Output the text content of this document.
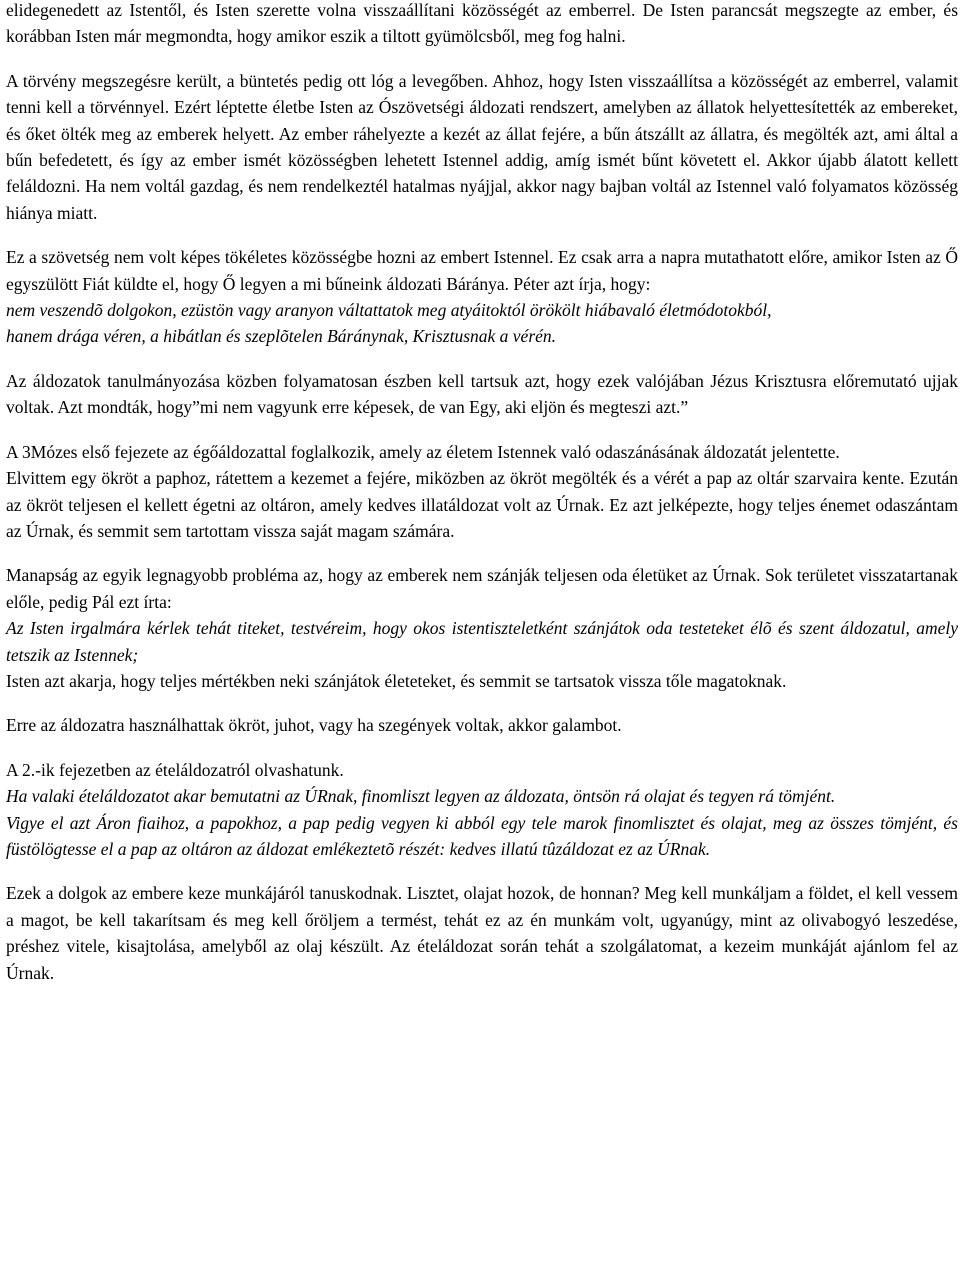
elidegenedett az Istentől, és Isten szerette volna visszaállítani közösségét az emberrel. De Isten parancsát megszegte az ember, és korábban Isten már megmondta, hogy amikor eszik a tiltott gyümölcsből, meg fog halni.

A törvény megszegésre került, a büntetés pedig ott lóg a levegőben. Ahhoz, hogy Isten visszaállítsa a közösségét az emberrel, valamit tenni kell a törvénnyel. Ezért léptette életbe Isten az Ószövetségi áldozati rendszert, amelyben az állatok helyettesítették az embereket, és őket ölték meg az emberek helyett. Az ember ráhelyezte a kezét az állat fejére, a bűn átszállt az állatra, és megölték azt, ami által a bűn befedetett, és így az ember ismét közösségben lehetett Istennel addig, amíg ismét bűnt követett el. Akkor újabb álatott kellett feláldozni. Ha nem voltál gazdag, és nem rendelkeztél hatalmas nyájjal, akkor nagy bajban voltál az Istennel való folyamatos közösség hiánya miatt.

Ez a szövetség nem volt képes tökéletes közösségbe hozni az embert Istennel. Ez csak arra a napra mutathatott előre, amikor Isten az Ő egyszülött Fiát küldte el, hogy Ő legyen a mi bűneink áldozati Báránya. Péter azt írja, hogy:

nem veszendõ dolgokon, ezüstön vagy aranyon váltattatok meg atyáitoktól örökölt hiábavaló életmódotokból,

hanem drága véren, a hibátlan és szeplõtelen Báránynak, Krisztusnak a vérén.

Az áldozatok tanulmányozása közben folyamatosan észben kell tartsuk azt, hogy ezek valójában Jézus Krisztusra előremutató ujjak voltak. Azt mondták, hogy”mi nem vagyunk erre képesek, de van Egy, aki eljön és megteszi azt.”

A 3Mózes első fejezete az égőáldozattal foglalkozik, amely az életem Istennek való odaszánásának áldozatát jelentette.

Elvittem egy ökröt a paphoz, rátettem a kezemet a fejére, miközben az ökröt megölték és a vérét a pap az oltár szarvaira kente. Ezután az ökröt teljesen el kellett égetni az oltáron, amely kedves illatáldozat volt az Úrnak. Ez azt jelképezte, hogy teljes énemet odaszántam az Úrnak, és semmit sem tartottam vissza saját magam számára.

Manapság az egyik legnagyobb probléma az, hogy az emberek nem szánják teljesen oda életüket az Úrnak. Sok területet visszatartanak előle, pedig Pál ezt írta:

Az Isten irgalmára kérlek tehát titeket, testvéreim, hogy okos istentiszteletként szánjátok oda testeteket élõ és szent áldozatul, amely tetszik az Istennek;

Isten azt akarja, hogy teljes mértékben neki szánjátok életeteket, és semmit se tartsatok vissza tőle magatoknak.

Erre az áldozatra használhattak ökröt, juhot, vagy ha szegények voltak, akkor galambot.

A 2.-ik fejezetben az ételáldozatról olvashatunk.

Ha valaki ételáldozatot akar bemutatni az ÚRnak, finomliszt legyen az áldozata, öntsön rá olajat és tegyen rá tömjént.

Vigye el azt Áron fiaihoz, a papokhoz, a pap pedig vegyen ki abból egy tele marok finomlisztet és olajat, meg az összes tömjént, és füstölögtesse el a pap az oltáron az áldozat emlékeztetõ részét: kedves illatú tûzáldozat ez az ÚRnak.

Ezek a dolgok az embere keze munkájáról tanuskodnak. Lisztet, olajat hozok, de honnan? Meg kell munkáljam a földet, el kell vessem a magot, be kell takarítsam és meg kell őröljem a termést, tehát ez az én munkám volt, ugyanúgy, mint az olivabogyó leszedése, préshez vitele, kisajtolása, amelyből az olaj készült. Az ételáldozat során tehát a szolgálatomat, a kezeim munkáját ajánlom fel az Úrnak.
